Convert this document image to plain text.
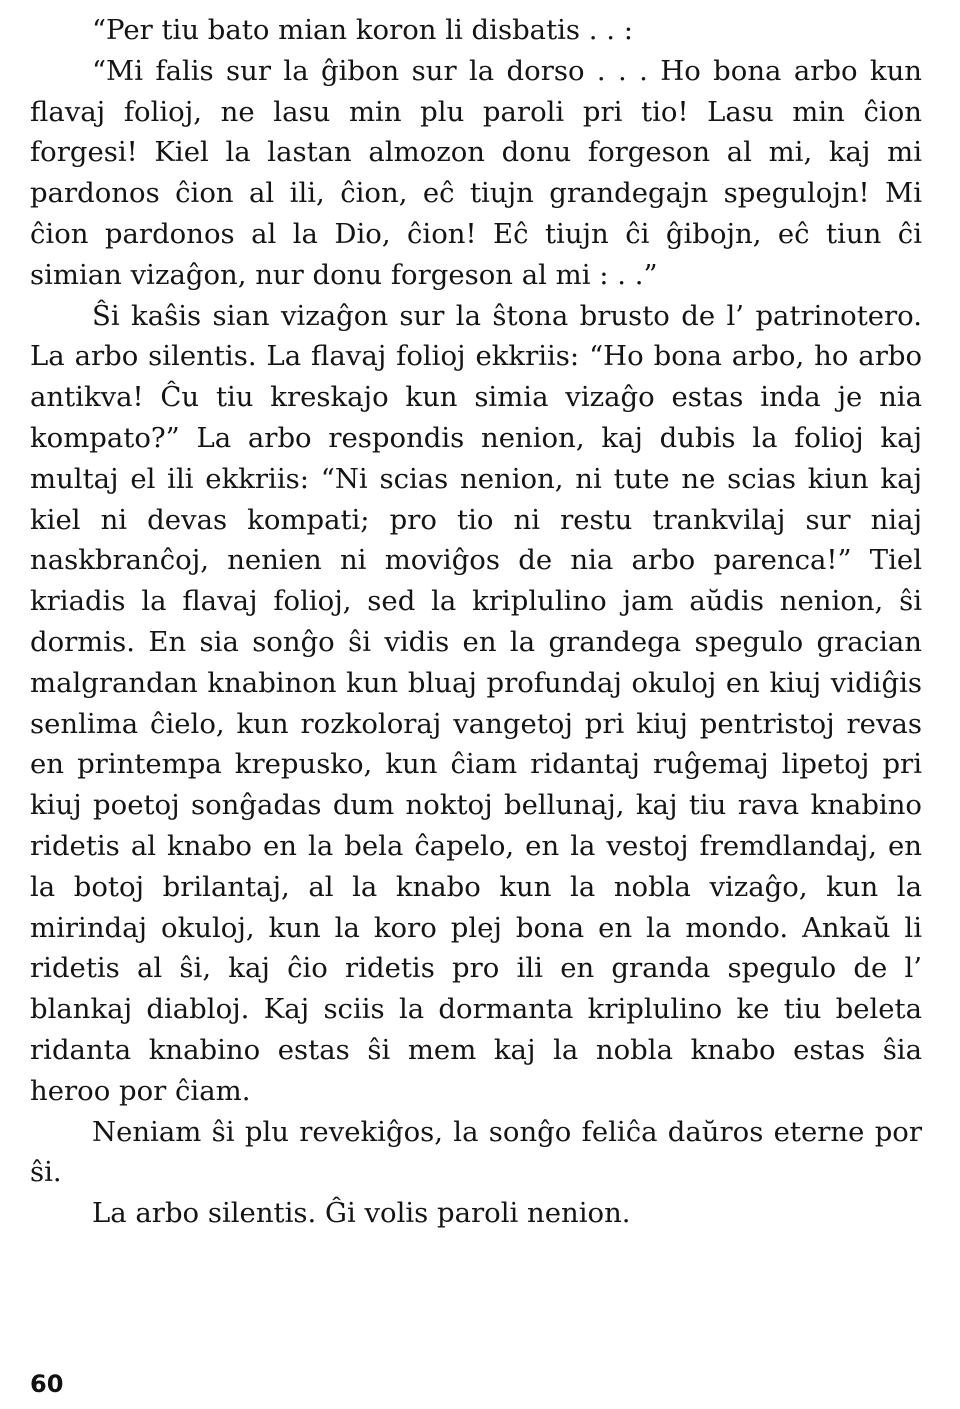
“Per tiu bato mian koron li disbatis . . :

“Mi falis sur la ĝibon sur la dorso . . . Ho bona arbo kun flavaj folioj, ne lasu min plu paroli pri tio! Lasu min ĉion forgesi! Kiel la lastan almozon donu forgeson al mi, kaj mi pardonos ĉion al ili, ĉion, eĉ tiujn grandegajn spegulojn! Mi ĉion pardonos al la Dio, ĉion! Eĉ tiujn ĉi ĝibojn, eĉ tiun ĉi simian vizaĝon, nur donu forgeson al mi : . .”

Ŝi kaŝis sian vizaĝon sur la ŝtona brusto de l’ patrinotero. La arbo silentis. La flavaj folioj ekkriis: “Ho bona arbo, ho arbo antikva! Ĉu tiu kreskajo kun simia vizaĝo estas inda je nia kompato?” La arbo respondis nenion, kaj dubis la folioj kaj multaj el ili ekkriis: “Ni scias nenion, ni tute ne scias kiun kaj kiel ni devas kompati; pro tio ni restu trankvilaj sur niaj naskbranĉoj, nenien ni moviĝos de nia arbo parenca!” Tiel kriadis la flavaj folioj, sed la kriplulino jam aŭdis nenion, ŝi dormis. En sia sonĝo ŝi vidis en la grandega spegulo gracian malgrandan knabinon kun bluaj profundaj okuloj en kiuj vidiĝis senlima ĉielo, kun rozkoloraj vangetoj pri kiuj pentristoj revas en printempa krepusko, kun ĉiam ridantaj ruĝemaj lipetoj pri kiuj poetoj sonĝadas dum noktoj bellunaj, kaj tiu rava knabino ridetis al knabo en la bela ĉapelo, en la vestoj fremdlandaj, en la botoj brilantaj, al la knabo kun la nobla vizaĝo, kun la mirindaj okuloj, kun la koro plej bona en la mondo. Ankaŭ li ridetis al ŝi, kaj ĉio ridetis pro ili en granda spegulo de l’ blankaj diabloj. Kaj sciis la dormanta kriplulino ke tiu beleta ridanta knabino estas ŝi mem kaj la nobla knabo estas ŝia heroo por ĉiam.

Neniam ŝi plu revekiĝos, la sonĝo feliĉa daŭros eterne por ŝi.

La arbo silentis. Ĝi volis paroli nenion.

60
